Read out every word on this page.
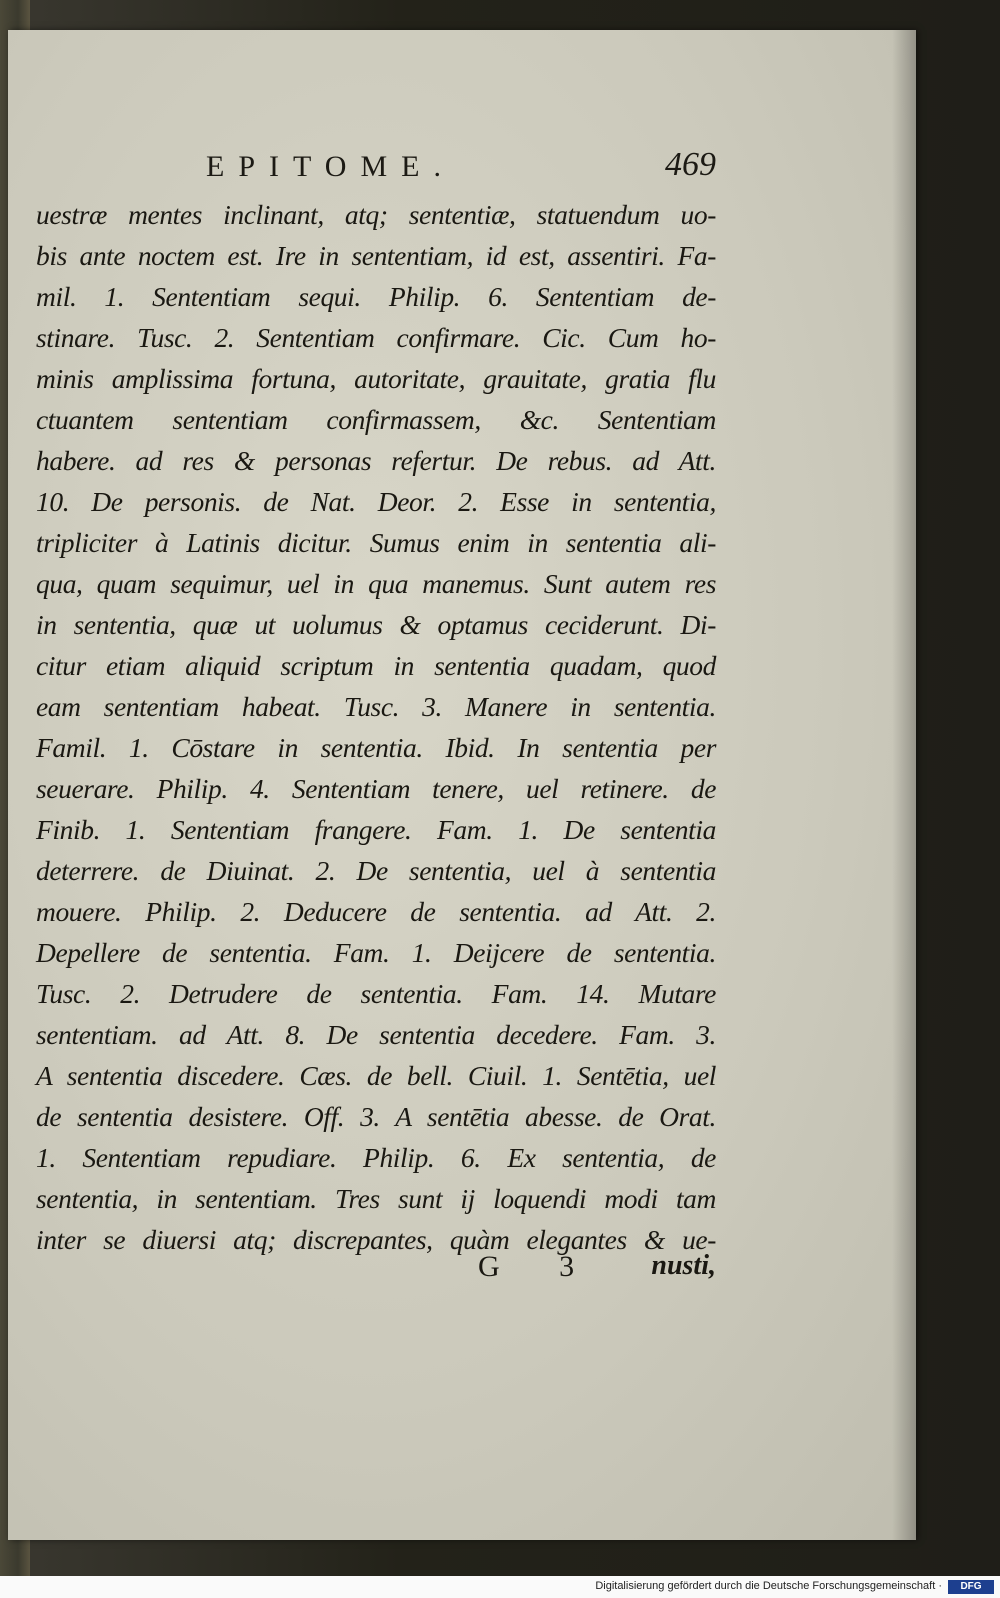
EPITOME.	469
uestræ mentes inclinant, atq; sententiæ, statuendum uo-
bis ante noctem est. Ire in sententiam, id est, assentiri. Fa-
mil. 1. Sententiam sequi. Philip. 6. Sententiam de-
stinare. Tusc. 2. Sententiam confirmare. Cic. Cum ho-
minis amplissima fortuna, autoritate, grauitate, gratia flu
ctuantem sententiam confirmassem, &c. Sententiam
habere. ad res & personas refertur. De rebus. ad Att.
10. De personis. de Nat. Deor. 2. Esse in sententia,
tripliciter à Latinis dicitur. Sumus enim in sententia ali-
qua, quam sequimur, uel in qua manemus. Sunt autem res
in sententia, quæ ut uolumus & optamus ceciderunt. Di-
citur etiam aliquid scriptum in sententia quadam, quod
eam sententiam habeat. Tusc. 3. Manere in sententia.
Famil. 1. Cōstare in sententia. Ibid. In sententia per
seuerare. Philip. 4. Sententiam tenere, uel retinere. de
Finib. 1. Sententiam frangere. Fam. 1. De sententia
deterrere. de Diuinat. 2. De sententia, uel à sententia
mouere. Philip. 2. Deducere de sententia. ad Att. 2.
Depellere de sententia. Fam. 1. Deijcere de sententia.
Tusc. 2. Detrudere de sententia. Fam. 14. Mutare
sententiam. ad Att. 8. De sententia decedere. Fam. 3.
A sententia discedere. Cæs. de bell. Ciuil. 1. Sentētia, uel
de sententia desistere. Off. 3. A sentētia abesse. de Orat.
1. Sententiam repudiare. Philip. 6. Ex sententia, de
sententia, in sententiam. Tres sunt ij loquendi modi tam
inter se diuersi atq; discrepantes, quàm elegantes & ue-
G 3 nusti,
Digitalisierung gefördert durch die Deutsche Forschungsgemeinschaft ·	DFG
